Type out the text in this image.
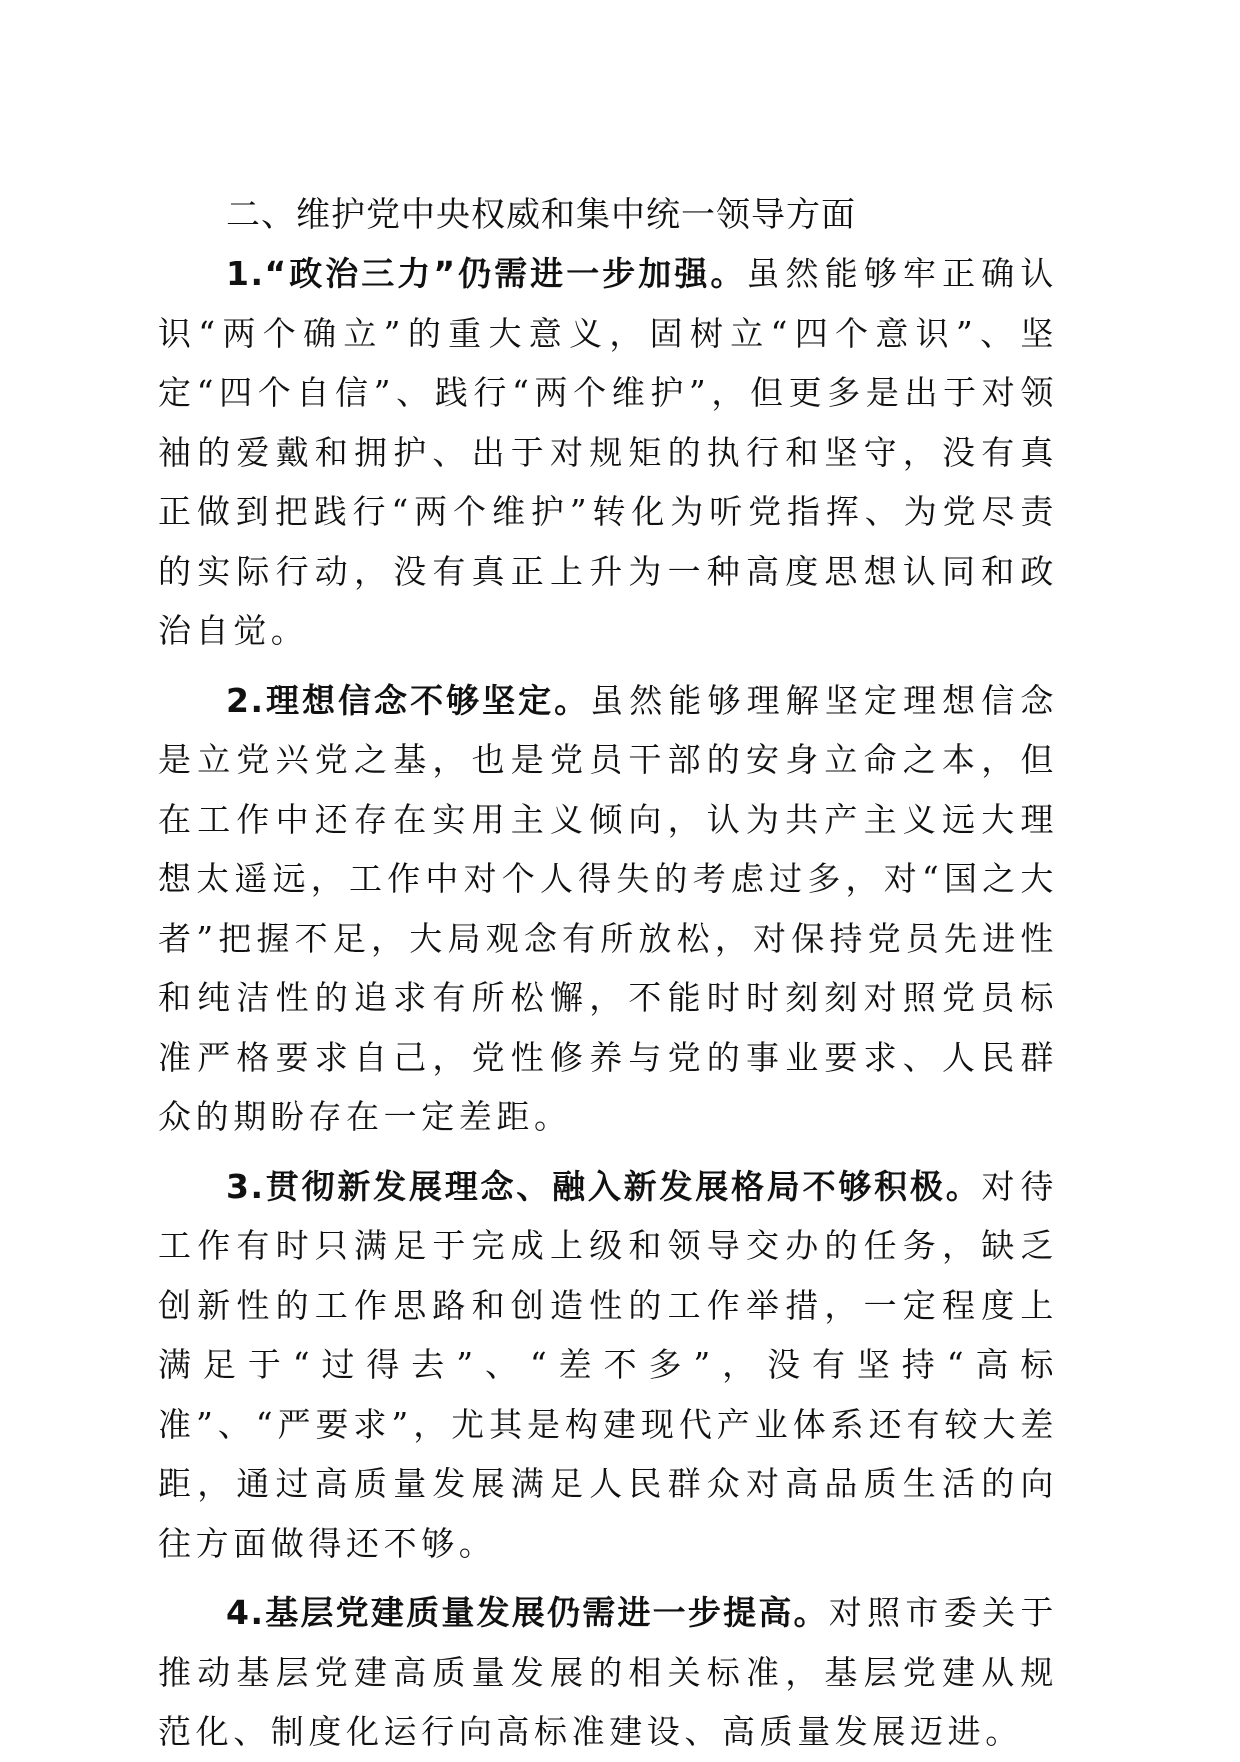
二、维护党中央权威和集中统一领导方面

1.“政治三力”仍需进一步加强。虽然能够牢正确认识“两个确立”的重大意义，固树立“四个意识”、坚定“四个自信”、践行“两个维护”，但更多是出于对领袖的爱戴和拥护、出于对规矩的执行和坚守，没有真正做到把践行“两个维护”转化为听党指挥、为党尽责的实际行动，没有真正上升为一种高度思想认同和政治自觉。

2.理想信念不够坚定。虽然能够理解坚定理想信念是立党兴党之基，也是党员干部的安身立命之本，但在工作中还存在实用主义倾向，认为共产主义远大理想太遥远，工作中对个人得失的考虑过多，对“国之大者”把握不足，大局观念有所放松，对保持党员先进性和纯洁性的追求有所松懈，不能时时刻刻对照党员标准严格要求自己，党性修养与党的事业要求、人民群众的期盼存在一定差距。

3.贯彻新发展理念、融入新发展格局不够积极。对待工作有时只满足于完成上级和领导交办的任务，缺乏创新性的工作思路和创造性的工作举措，一定程度上满足于“过得去”、“差不多”，没有坚持“高标准”、“严要求”，尤其是构建现代产业体系还有较大差距，通过高质量发展满足人民群众对高品质生活的向往方面做得还不够。

4.基层党建质量发展仍需进一步提高。对照市委关于推动基层党建高质量发展的相关标准，基层党建从规范化、制度化运行向高标准建设、高质量发展迈进。
